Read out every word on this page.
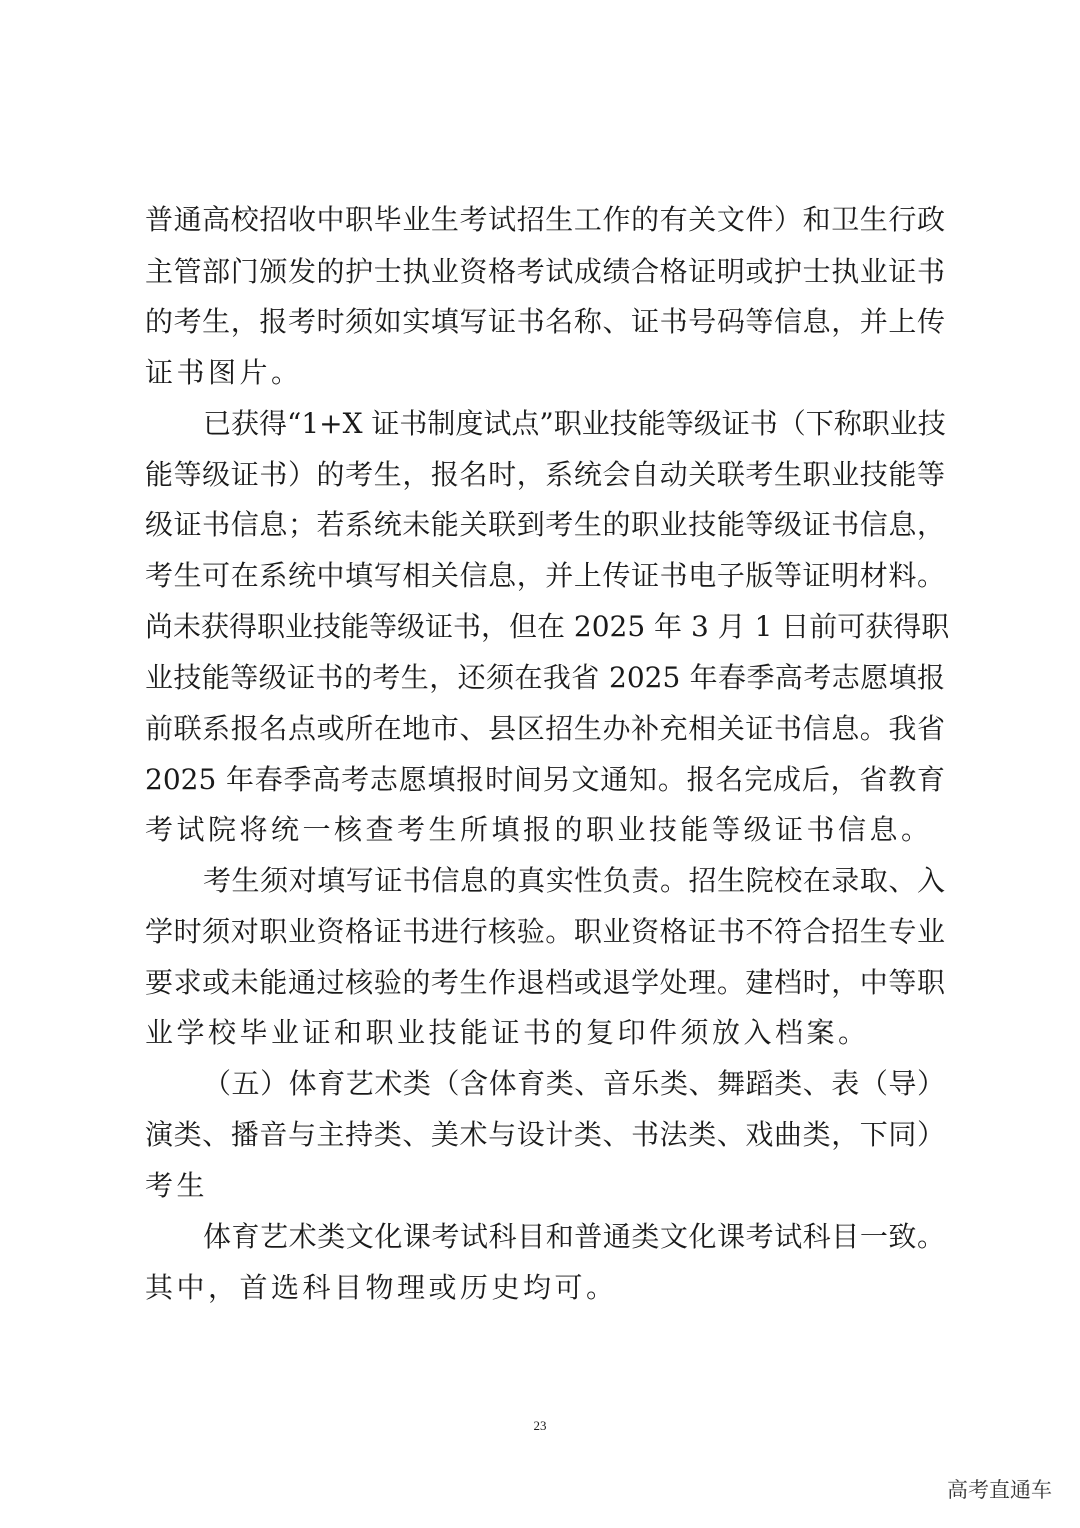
普通高校招收中职毕业生考试招生工作的有关文件）和卫生行政
主管部门颁发的护士执业资格考试成绩合格证明或护士执业证书
的考生，报考时须如实填写证书名称、证书号码等信息，并上传
证书图片。
已获得“1+X 证书制度试点”职业技能等级证书（下称职业技
能等级证书）的考生，报名时，系统会自动关联考生职业技能等
级证书信息；若系统未能关联到考生的职业技能等级证书信息，
考生可在系统中填写相关信息，并上传证书电子版等证明材料。
尚未获得职业技能等级证书，但在 2025 年 3 月 1 日前可获得职
业技能等级证书的考生，还须在我省 2025 年春季高考志愿填报
前联系报名点或所在地市、县区招生办补充相关证书信息。我省
2025 年春季高考志愿填报时间另文通知。报名完成后，省教育
考试院将统一核查考生所填报的职业技能等级证书信息。
考生须对填写证书信息的真实性负责。招生院校在录取、入
学时须对职业资格证书进行核验。职业资格证书不符合招生专业
要求或未能通过核验的考生作退档或退学处理。建档时，中等职
业学校毕业证和职业技能证书的复印件须放入档案。
（五）体育艺术类（含体育类、音乐类、舞蹈类、表（导）
演类、播音与主持类、美术与设计类、书法类、戏曲类，下同）
考生
体育艺术类文化课考试科目和普通类文化课考试科目一致。
其中，首选科目物理或历史均可。
23
高考直通车
